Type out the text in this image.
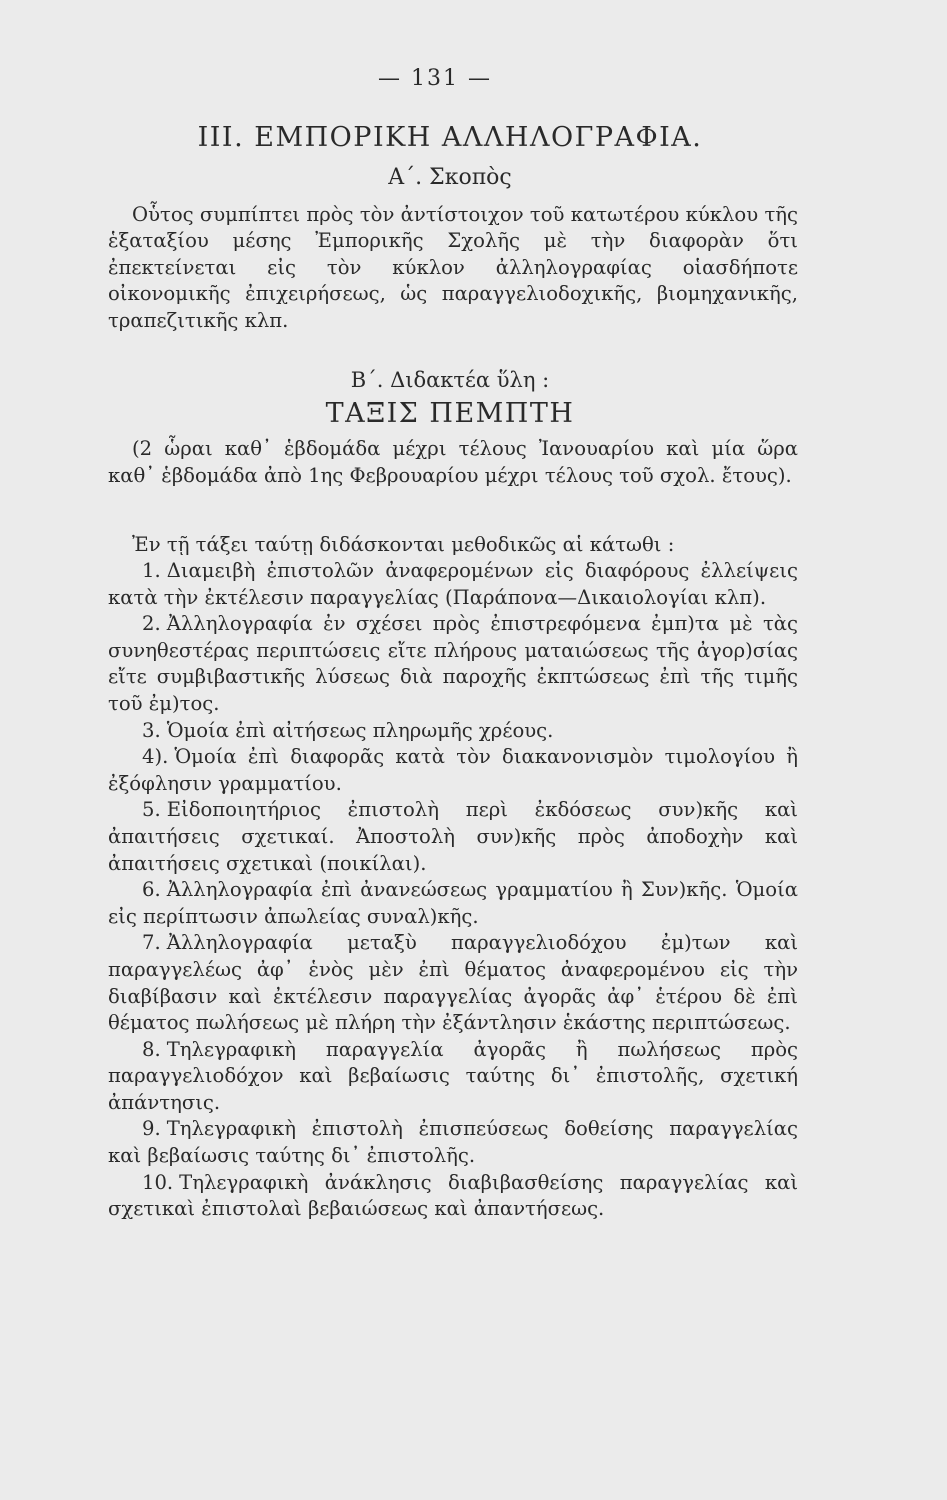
— 131 —
III. ΕΜΠΟΡΙΚΗ ΑΛΛΗΛΟΓΡΑΦΙΑ.
Α΄. Σκοπὸς

Οὗτος συμπίπτει πρὸς τὸν ἀντίστοιχον τοῦ κατωτέρου κύκλου τῆς ἑξαταξίου μέσης Ἐμπορικῆς Σχολῆς μὲ τὴν διαφορὰν ὅτι ἐπεκτείνεται εἰς τὸν κύκλον ἀλληλογραφίας οἱασδήποτε οἰκονομικῆς ἐπιχειρήσεως, ὡς παραγγελιοδοχικῆς, βιομηχανικῆς, τραπεζιτικῆς κλπ.

Β΄. Διδακτέα ὕλη :
ΤΑΞΙΣ ΠΕΜΠΤΗ

(2 ὧραι καθ᾽ ἑβδομάδα μέχρι τέλους Ἰανουαρίου καὶ μία ὥρα καθ᾽ ἑβδομάδα ἀπὸ 1ης Φεβρουαρίου μέχρι τέλους τοῦ σχολ. ἔτους).

Ἐν τῇ τάξει ταύτῃ διδάσκονται μεθοδικῶς αἱ κάτωθι :

1. Διαμειβὴ ἐπιστολῶν ἀναφερομένων εἰς διαφόρους ἐλλείψεις κατὰ τὴν ἐκτέλεσιν παραγγελίας (Παράπονα—Δικαιολογίαι κλπ).
2. Ἀλληλογραφία ἐν σχέσει πρὸς ἐπιστρεφόμενα ἐμπ)τα μὲ τὰς συνηθεστέρας περιπτώσεις εἴτε πλήρους ματαιώσεως τῆς ἀγορ)σίας εἴτε συμβιβαστικῆς λύσεως διὰ παροχῆς ἐκπτώσεως ἐπὶ τῆς τιμῆς τοῦ ἐμ)τος.
3. Ὁμοία ἐπὶ αἰτήσεως πληρωμῆς χρέους.
4). Ὁμοία ἐπὶ διαφορᾶς κατὰ τὸν διακανονισμὸν τιμολογίου ἢ ἐξόφλησιν γραμματίου.
5. Εἰδοποιητήριος ἐπιστολὴ περὶ ἐκδόσεως συν)κῆς καὶ ἀπαιτήσεις σχετικαί. Ἀποστολὴ συν)κῆς πρὸς ἀποδοχὴν καὶ ἀπαιτήσεις σχετικαὶ (ποικίλαι).
6. Ἀλληλογραφία ἐπὶ ἀνανεώσεως γραμματίου ἢ Συν)κῆς. Ὁμοία εἰς περίπτωσιν ἀπωλείας συναλ)κῆς.
7. Ἀλληλογραφία μεταξὺ παραγγελιοδόχου ἐμ)των καὶ παραγγελέως ἀφ᾽ ἑνὸς μὲν ἐπὶ θέματος ἀναφερομένου εἰς τὴν διαβίβασιν καὶ ἐκτέλεσιν παραγγελίας ἀγορᾶς ἀφ᾽ ἑτέρου δὲ ἐπὶ θέματος πωλήσεως μὲ πλήρη τὴν ἐξάντλησιν ἑκάστης περιπτώσεως.
8. Τηλεγραφικὴ παραγγελία ἀγορᾶς ἢ πωλήσεως πρὸς παραγγελιοδόχον καὶ βεβαίωσις ταύτης δι᾽ ἐπιστολῆς, σχετική ἀπάντησις.
9. Τηλεγραφικὴ ἐπιστολὴ ἐπισπεύσεως δοθείσης παραγγελίας καὶ βεβαίωσις ταύτης δι᾽ ἐπιστολῆς.
10. Τηλεγραφικὴ ἀνάκλησις διαβιβασθείσης παραγγελίας καὶ σχετικαὶ ἐπιστολαὶ βεβαιώσεως καὶ ἀπαντήσεως.
